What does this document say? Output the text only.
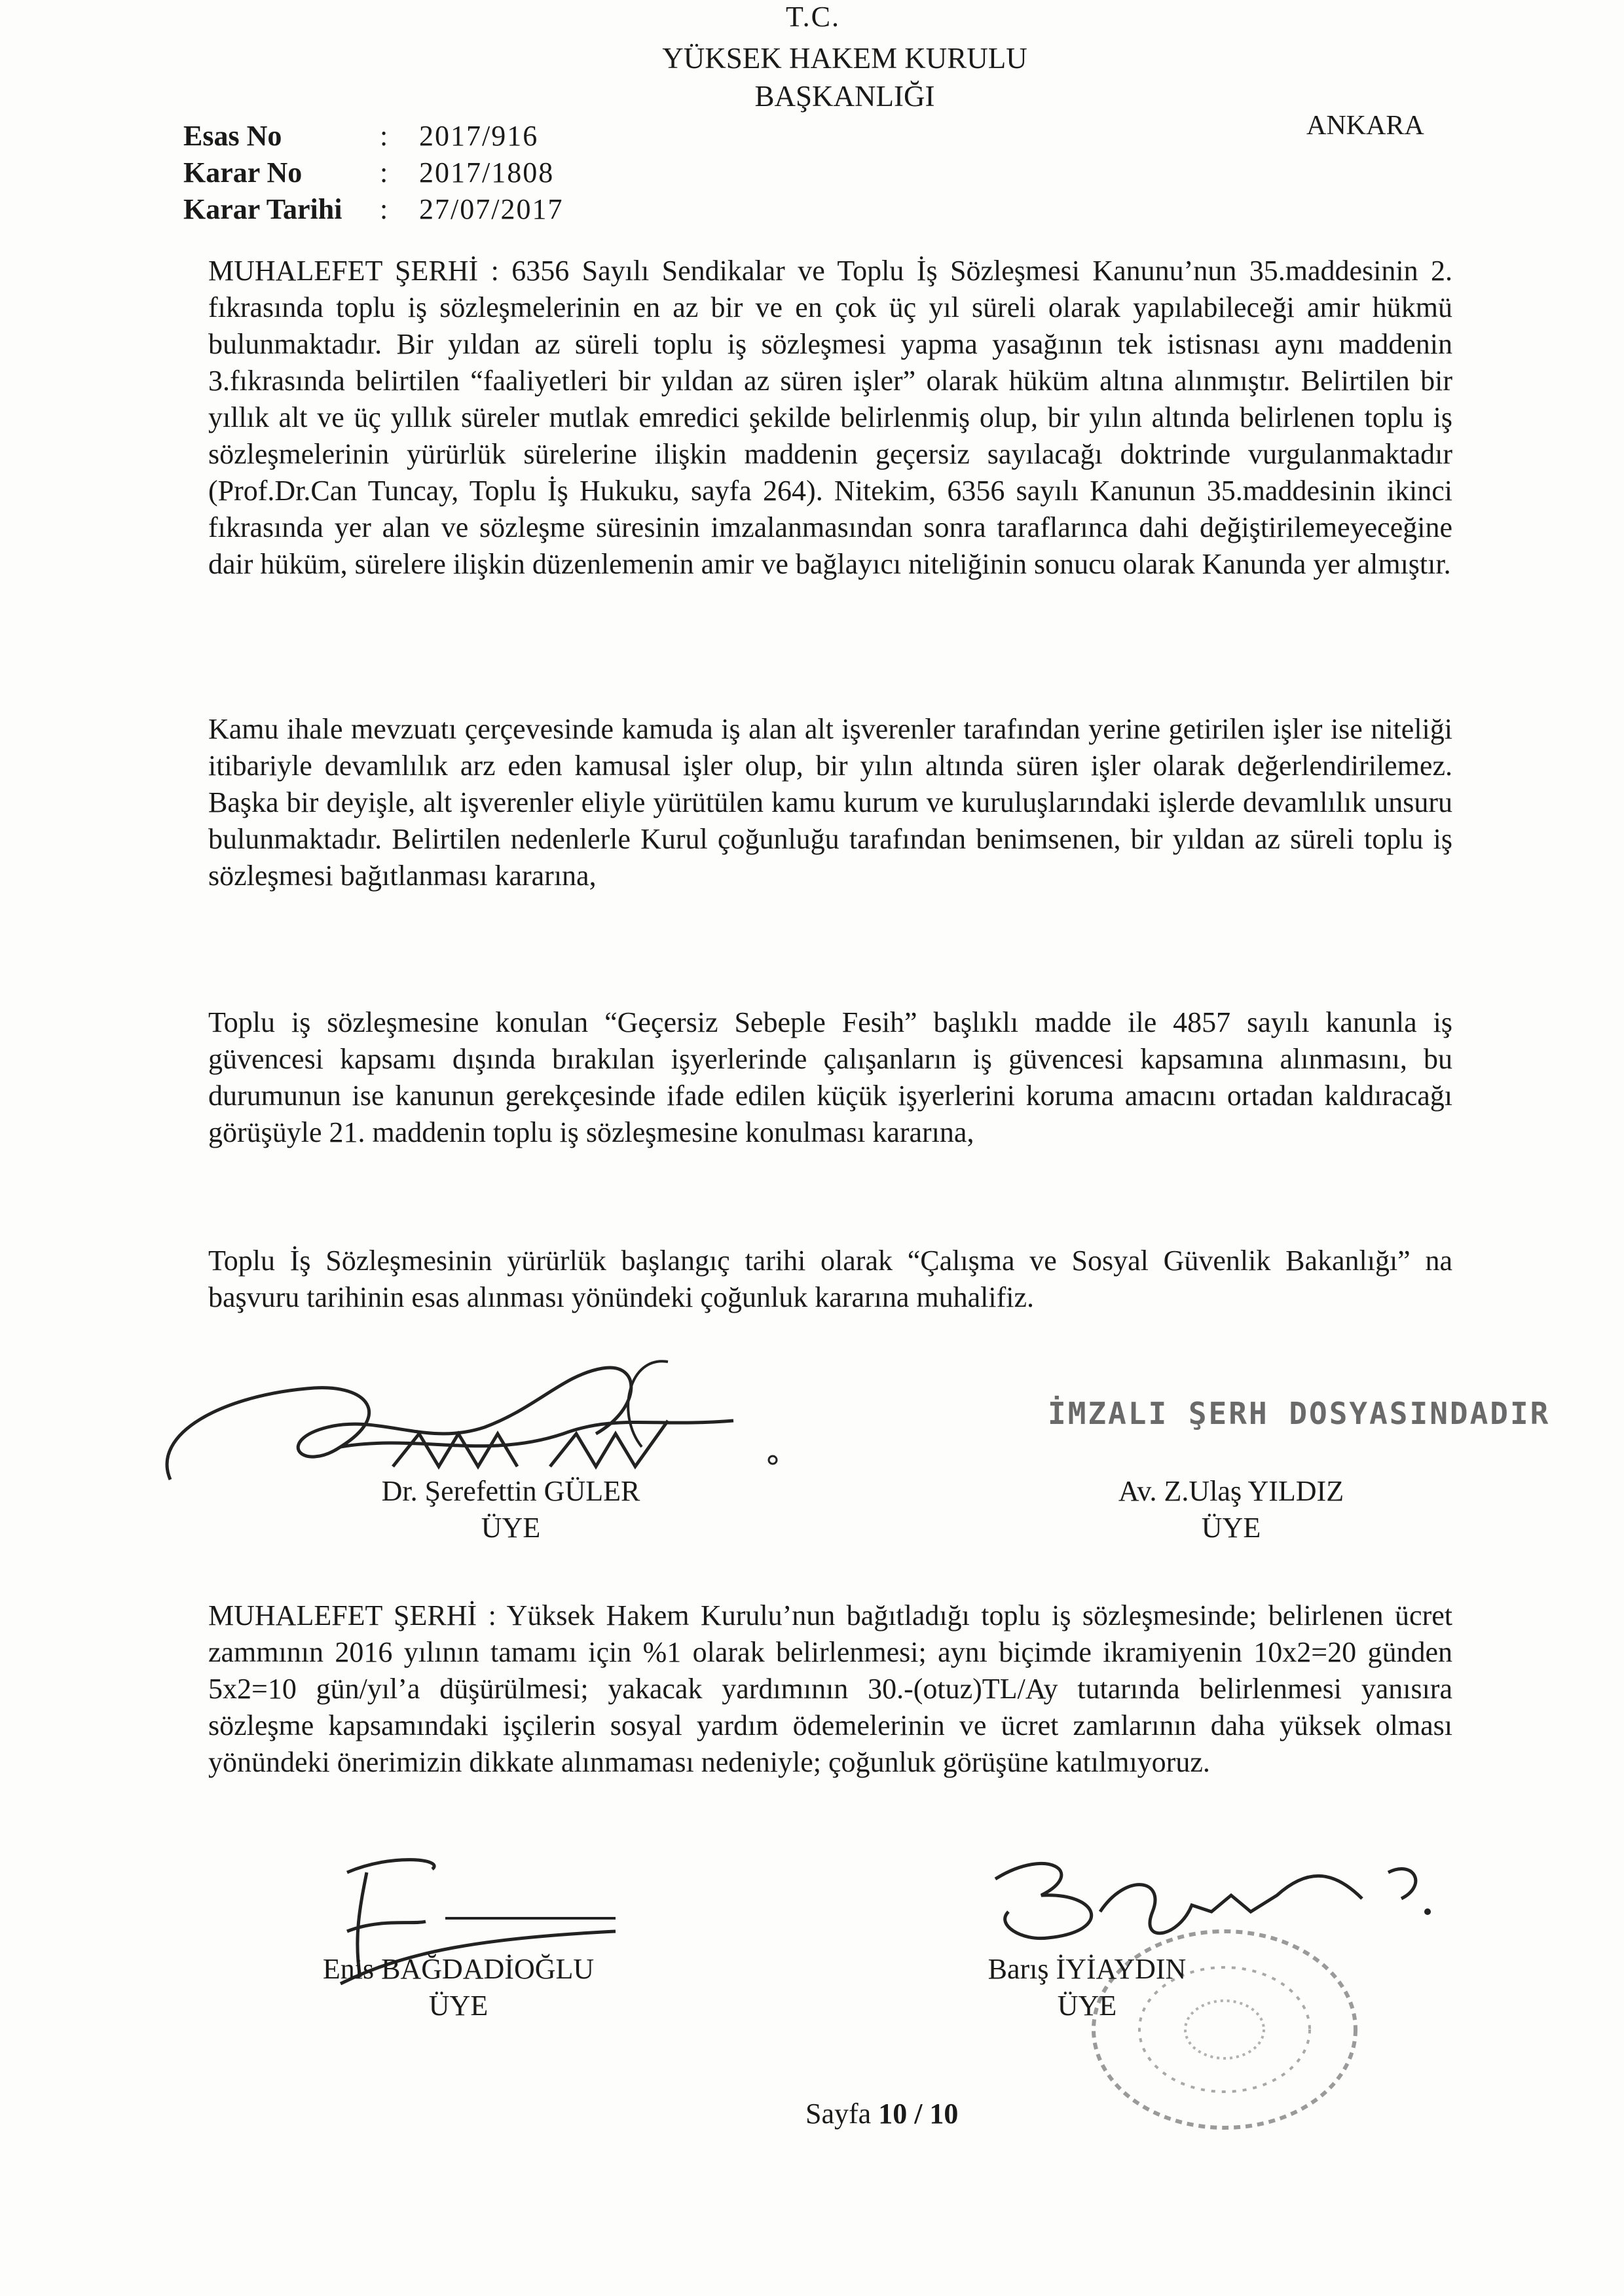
T.C.
YÜKSEK HAKEM KURULU
BAŞKANLIĞI
ANKARA
Esas No	:	2017/916
Karar No	:	2017/1808
Karar Tarihi	:	27/07/2017
MUHALEFET ŞERHİ : 6356 Sayılı Sendikalar ve Toplu İş Sözleşmesi Kanunu’nun 35.maddesinin 2. fıkrasında toplu iş sözleşmelerinin en az bir ve en çok üç yıl süreli olarak yapılabileceği amir hükmü bulunmaktadır. Bir yıldan az süreli toplu iş sözleşmesi yapma yasağının tek istisnası aynı maddenin 3.fıkrasında belirtilen “faaliyetleri bir yıldan az süren işler” olarak hüküm altına alınmıştır. Belirtilen bir yıllık alt ve üç yıllık süreler mutlak emredici şekilde belirlenmiş olup, bir yılın altında belirlenen toplu iş sözleşmelerinin yürürlük sürelerine ilişkin maddenin geçersiz sayılacağı doktrinde vurgulanmaktadır (Prof.Dr.Can Tuncay, Toplu İş Hukuku, sayfa 264). Nitekim, 6356 sayılı Kanunun 35.maddesinin ikinci fıkrasında yer alan ve sözleşme süresinin imzalanmasından sonra taraflarınca dahi değiştirilemeyeceğine dair hüküm, sürelere ilişkin düzenlemenin amir ve bağlayıcı niteliğinin sonucu olarak Kanunda yer almıştır.
Kamu ihale mevzuatı çerçevesinde kamuda iş alan alt işverenler tarafından yerine getirilen işler ise niteliği itibariyle devamlılık arz eden kamusal işler olup, bir yılın altında süren işler olarak değerlendirilemez. Başka bir deyişle, alt işverenler eliyle yürütülen kamu kurum ve kuruluşlarındaki işlerde devamlılık unsuru bulunmaktadır. Belirtilen nedenlerle Kurul çoğunluğu tarafından benimsenen, bir yıldan az süreli toplu iş sözleşmesi bağıtlanması kararına,
Toplu iş sözleşmesine konulan “Geçersiz Sebeple Fesih” başlıklı madde ile 4857 sayılı kanunla iş güvencesi kapsamı dışında bırakılan işyerlerinde çalışanların iş güvencesi kapsamına alınmasını, bu durumunun ise kanunun gerekçesinde ifade edilen küçük işyerlerini koruma amacını ortadan kaldıracağı görüşüyle 21. maddenin toplu iş sözleşmesine konulması kararına,
Toplu İş Sözleşmesinin yürürlük başlangıç tarihi olarak “Çalışma ve Sosyal Güvenlik Bakanlığı” na başvuru tarihinin esas alınması yönündeki çoğunluk kararına muhalifiz.
İMZALI ŞERH DOSYASINDADIR
Dr. Şerefettin GÜLER
ÜYE
Av. Z.Ulaş YILDIZ
ÜYE
MUHALEFET ŞERHİ : Yüksek Hakem Kurulu’nun bağıtladığı toplu iş sözleşmesinde; belirlenen ücret zammının 2016 yılının tamamı için %1 olarak belirlenmesi; aynı biçimde ikramiyenin 10x2=20 günden 5x2=10 gün/yıl’a düşürülmesi; yakacak yardımının 30.-(otuz)TL/Ay tutarında belirlenmesi yanısıra sözleşme kapsamındaki işçilerin sosyal yardım ödemelerinin ve ücret zamlarının daha yüksek olması yönündeki önerimizin dikkate alınmaması nedeniyle; çoğunluk görüşüne katılmıyoruz.
Enis BAĞDADİOĞLU
ÜYE
Barış İYİAYDIN
ÜYE
Sayfa 10 / 10
